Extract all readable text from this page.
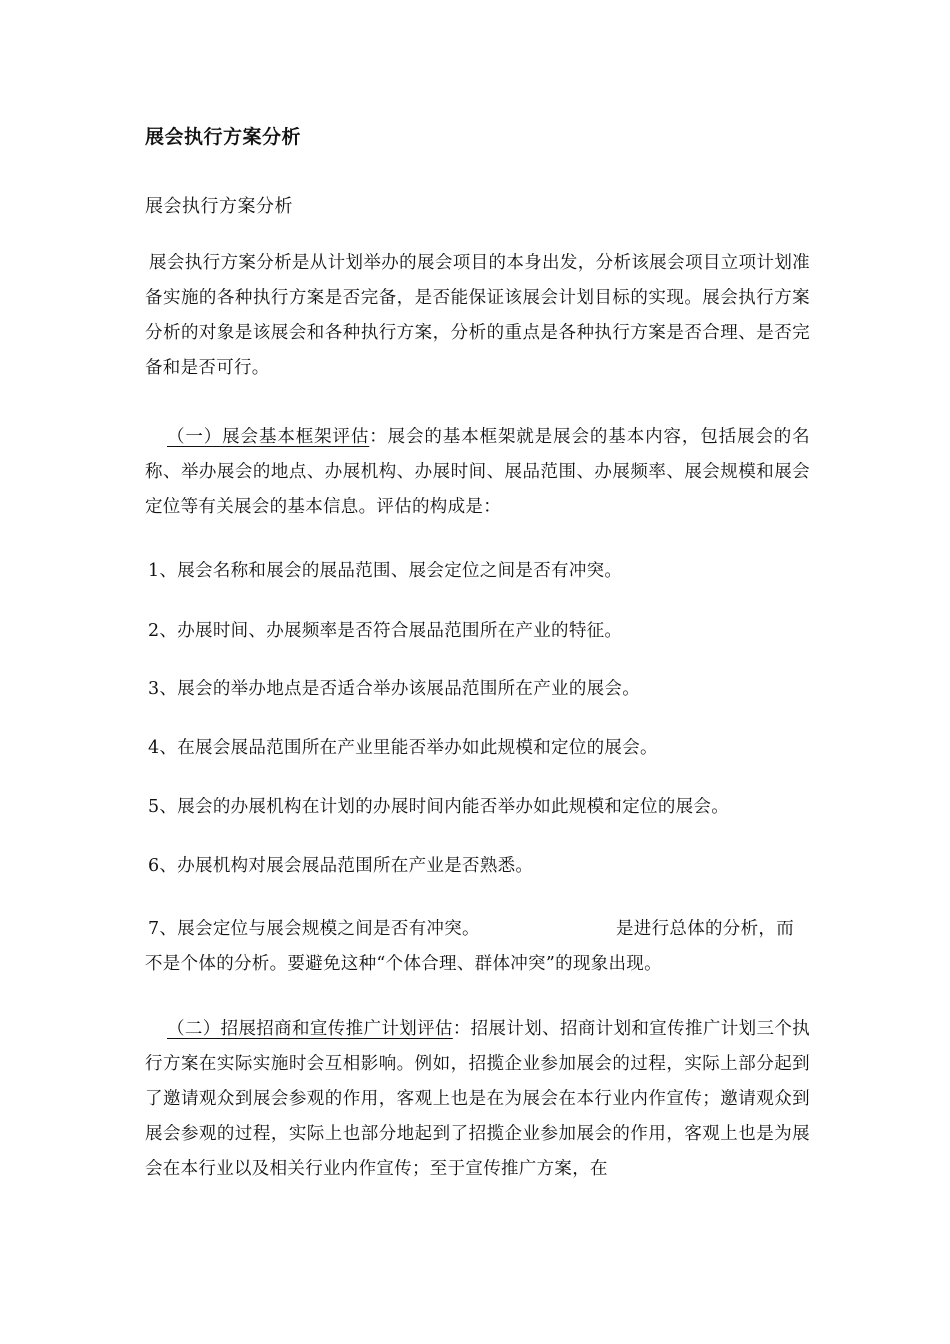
展会执行方案分析
展会执行方案分析
展会执行方案分析是从计划举办的展会项目的本身出发，分析该展会项目立项计划准备实施的各种执行方案是否完备，是否能保证该展会计划目标的实现。展会执行方案分析的对象是该展会和各种执行方案，分析的重点是各种执行方案是否合理、是否完备和是否可行。
（一）展会基本框架评估：展会的基本框架就是展会的基本内容，包括展会的名称、举办展会的地点、办展机构、办展时间、展品范围、办展频率、展会规模和展会定位等有关展会的基本信息。评估的构成是：
1、展会名称和展会的展品范围、展会定位之间是否有冲突。
2、办展时间、办展频率是否符合展品范围所在产业的特征。
3、展会的举办地点是否适合举办该展品范围所在产业的展会。
4、在展会展品范围所在产业里能否举办如此规模和定位的展会。
5、展会的办展机构在计划的办展时间内能否举办如此规模和定位的展会。
6、办展机构对展会展品范围所在产业是否熟悉。
7、展会定位与展会规模之间是否有冲突。	是进行总体的分析，而
不是个体的分析。要避免这种“个体合理、群体冲突”的现象出现。
（二）招展招商和宣传推广计划评估：招展计划、招商计划和宣传推广计划三个执行方案在实际实施时会互相影响。例如，招揽企业参加展会的过程，实际上部分起到了邀请观众到展会参观的作用，客观上也是在为展会在本行业内作宣传；邀请观众到展会参观的过程，实际上也部分地起到了招揽企业参加展会的作用，客观上也是为展会在本行业以及相关行业内作宣传；至于宣传推广方案，在
